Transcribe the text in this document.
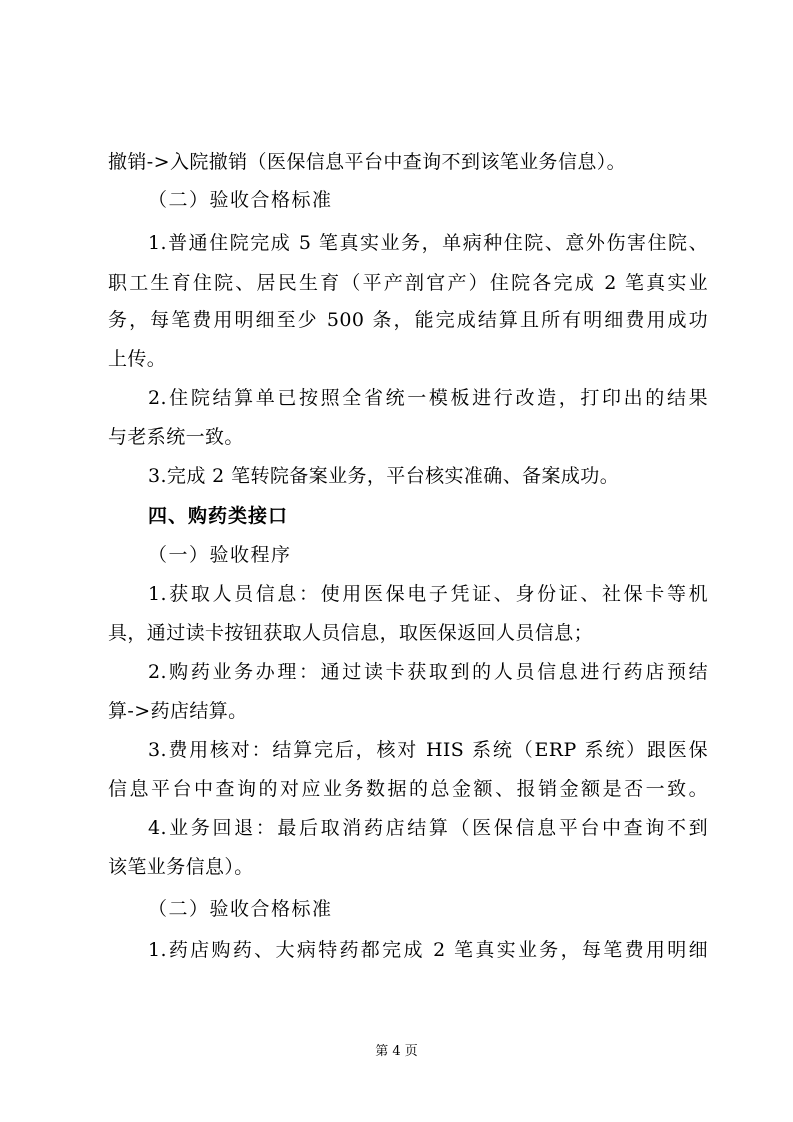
撤销->入院撤销（医保信息平台中查询不到该笔业务信息）。
（二）验收合格标准
1.普通住院完成 5 笔真实业务，单病种住院、意外伤害住院、
职工生育住院、居民生育（平产剖官产）住院各完成 2 笔真实业
务，每笔费用明细至少 500 条，能完成结算且所有明细费用成功
上传。
2.住院结算单已按照全省统一模板进行改造，打印出的结果
与老系统一致。
3.完成 2 笔转院备案业务，平台核实准确、备案成功。
四、购药类接口
（一）验收程序
1.获取人员信息：使用医保电子凭证、身份证、社保卡等机
具，通过读卡按钮获取人员信息，取医保返回人员信息；
2.购药业务办理：通过读卡获取到的人员信息进行药店预结
算->药店结算。
3.费用核对：结算完后，核对 HIS 系统（ERP 系统）跟医保
信息平台中查询的对应业务数据的总金额、报销金额是否一致。
4.业务回退：最后取消药店结算（医保信息平台中查询不到
该笔业务信息）。
（二）验收合格标准
1.药店购药、大病特药都完成 2 笔真实业务，每笔费用明细
第 4 页
